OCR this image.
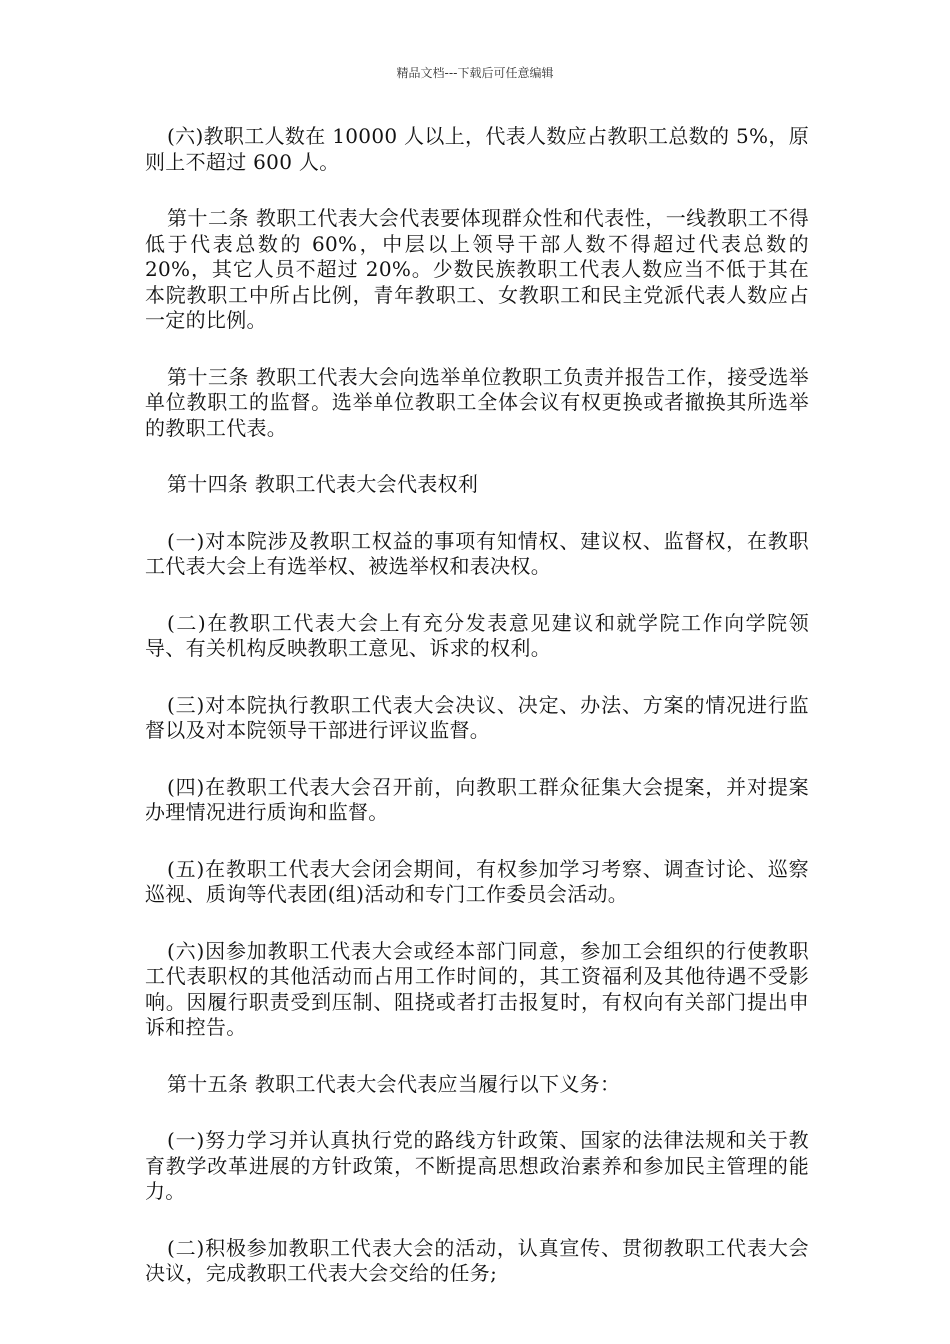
精品文档---下载后可任意编辑

(六)教职工人数在 10000 人以上，代表人数应占教职工总数的 5%，原则上不超过 600 人。

第十二条 教职工代表大会代表要体现群众性和代表性，一线教职工不得低于代表总数的 60%，中层以上领导干部人数不得超过代表总数的 20%，其它人员不超过 20%。少数民族教职工代表人数应当不低于其在本院教职工中所占比例，青年教职工、女教职工和民主党派代表人数应占一定的比例。

第十三条 教职工代表大会向选举单位教职工负责并报告工作，接受选举单位教职工的监督。选举单位教职工全体会议有权更换或者撤换其所选举的教职工代表。

第十四条 教职工代表大会代表权利

(一)对本院涉及教职工权益的事项有知情权、建议权、监督权，在教职工代表大会上有选举权、被选举权和表决权。

(二)在教职工代表大会上有充分发表意见建议和就学院工作向学院领导、有关机构反映教职工意见、诉求的权利。

(三)对本院执行教职工代表大会决议、决定、办法、方案的情况进行监督以及对本院领导干部进行评议监督。

(四)在教职工代表大会召开前，向教职工群众征集大会提案，并对提案办理情况进行质询和监督。

(五)在教职工代表大会闭会期间，有权参加学习考察、调查讨论、巡察巡视、质询等代表团(组)活动和专门工作委员会活动。

(六)因参加教职工代表大会或经本部门同意，参加工会组织的行使教职工代表职权的其他活动而占用工作时间的，其工资福利及其他待遇不受影响。因履行职责受到压制、阻挠或者打击报复时，有权向有关部门提出申诉和控告。

第十五条 教职工代表大会代表应当履行以下义务：

(一)努力学习并认真执行党的路线方针政策、国家的法律法规和关于教育教学改革进展的方针政策，不断提高思想政治素养和参加民主管理的能力。

(二)积极参加教职工代表大会的活动，认真宣传、贯彻教职工代表大会决议，完成教职工代表大会交给的任务;
